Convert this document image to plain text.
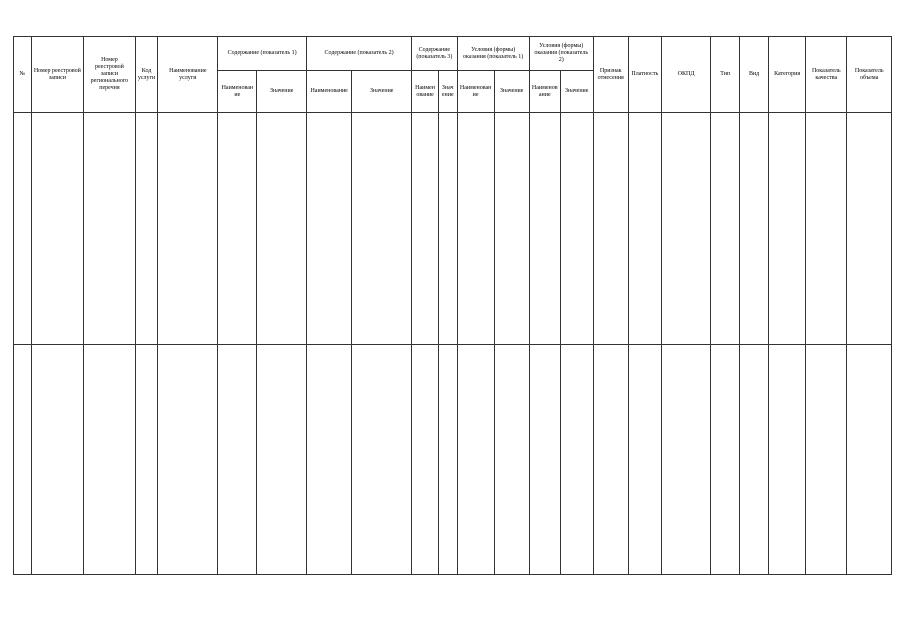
№	Номер реестровой записи	Номер реестровой записи регионального перечня	Код услуги	Наименование услуги	Содержание (показатель 1)		Содержание (показатель 2)		Содержание (показатель 3)		Условия (формы) оказания (показатель 1)		Условия (формы) оказания (показатель 2)		Признак отнесения	Платность	ОКПД	Тип	Вид	Категория	Показатель качества	Показатель объема
					Наименование	Значение	Наименование	Значение	Наименование	Значение	Наименование	Значение	Наименование	Значение								
